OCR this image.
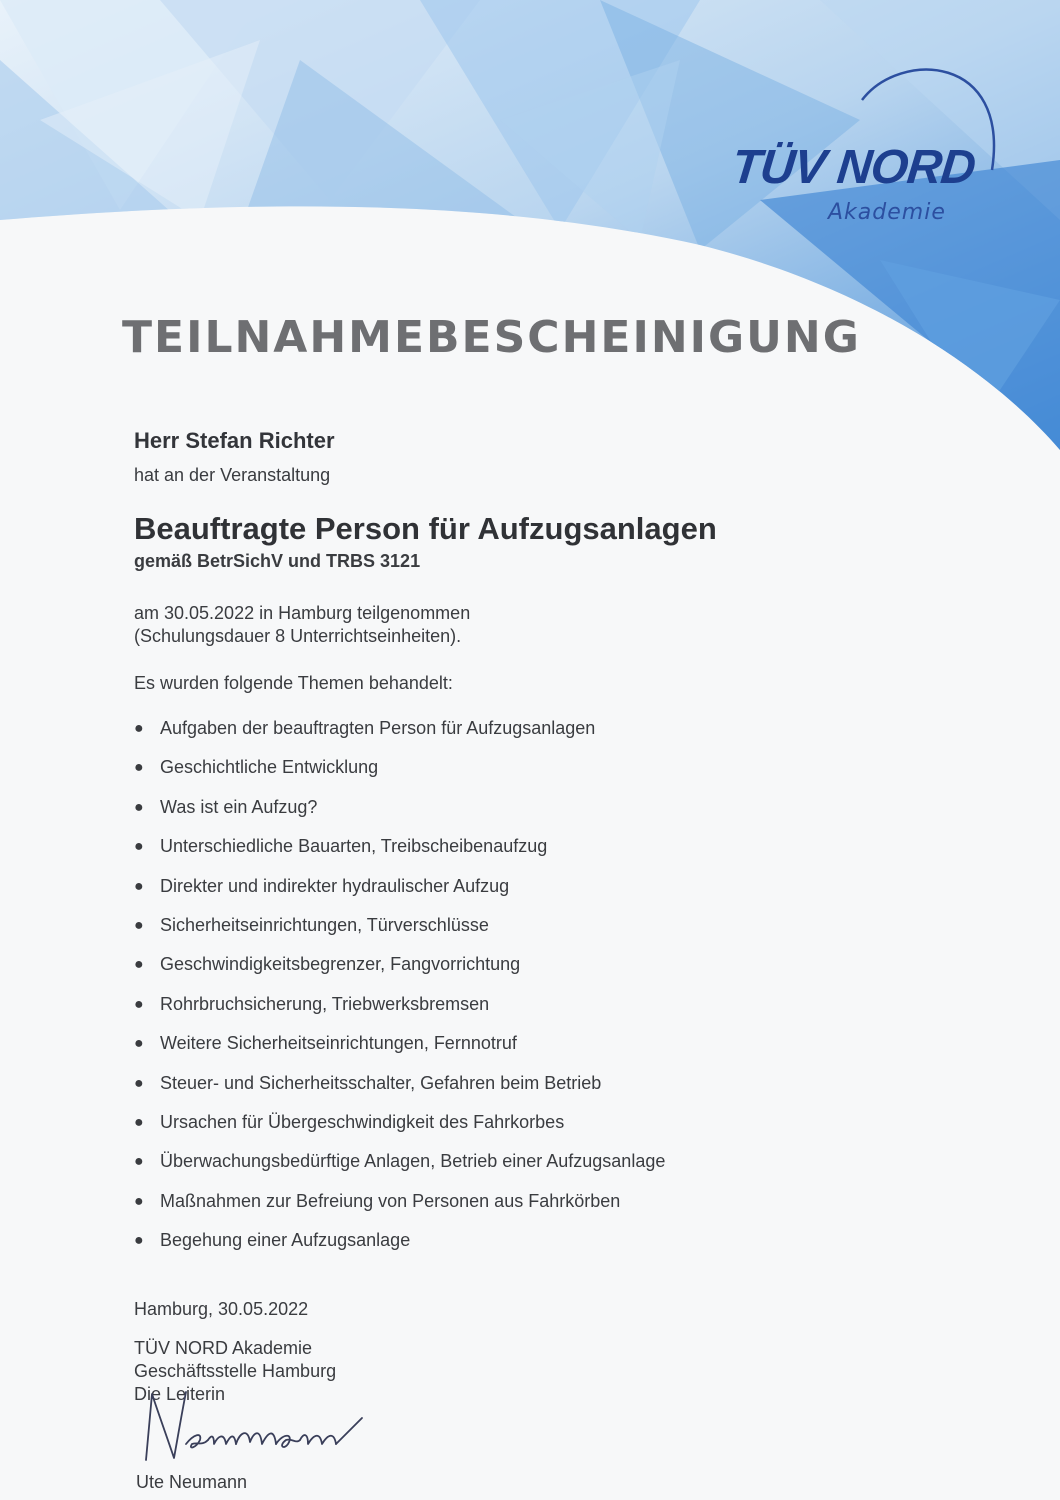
TÜV NORD
Akademie
TEILNAHMEBESCHEINIGUNG

Herr Stefan Richter

hat an der Veranstaltung

Beauftragte Person für Aufzugsanlagen

gemäß BetrSichV und TRBS 3121

am 30.05.2022 in Hamburg teilgenommen

(Schulungsdauer 8 Unterrichtseinheiten).

Es wurden folgende Themen behandelt:

● Aufgaben der beauftragten Person für Aufzugsanlagen
● Geschichtliche Entwicklung
● Was ist ein Aufzug?
● Unterschiedliche Bauarten, Treibscheibenaufzug
● Direkter und indirekter hydraulischer Aufzug
● Sicherheitseinrichtungen, Türverschlüsse
● Geschwindigkeitsbegrenzer, Fangvorrichtung
● Rohrbruchsicherung, Triebwerksbremsen
● Weitere Sicherheitseinrichtungen, Fernnotruf
● Steuer- und Sicherheitsschalter, Gefahren beim Betrieb
● Ursachen für Übergeschwindigkeit des Fahrkorbes
● Überwachungsbedürftige Anlagen, Betrieb einer Aufzugsanlage
● Maßnahmen zur Befreiung von Personen aus Fahrkörben
● Begehung einer Aufzugsanlage

Hamburg, 30.05.2022

TÜV NORD Akademie

Geschäftsstelle Hamburg

Die Leiterin

Ute Neumann
